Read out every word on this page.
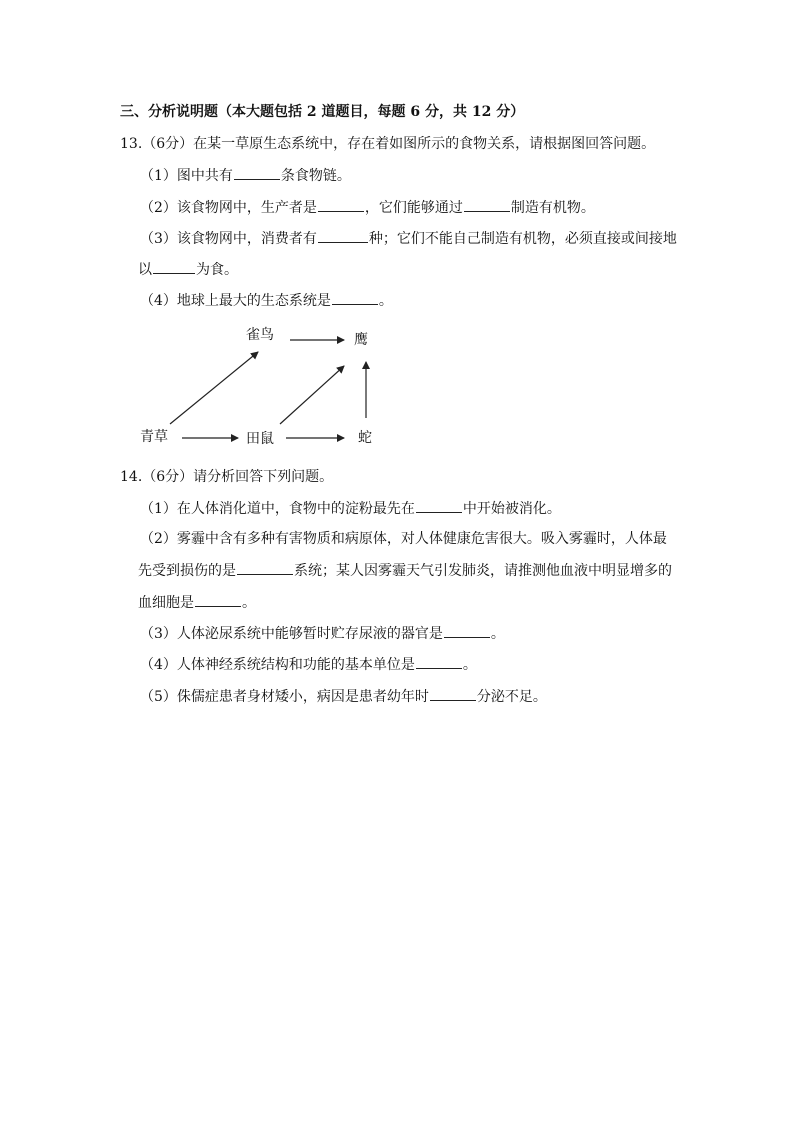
三、分析说明题（本大题包括 2 道题目，每题 6 分，共 12 分）
13.（6分）在某一草原生态系统中，存在着如图所示的食物关系，请根据图回答问题。
（1）图中共有	条食物链。
（2）该食物网中，生产者是	，它们能够通过	制造有机物。
（3）该食物网中，消费者有	种；它们不能自己制造有机物，必须直接或间接地
以	为食。
（4）地球上最大的生态系统是	。
雀鸟	鹰
青草	田鼠	蛇
14.（6分）请分析回答下列问题。
（1）在人体消化道中，食物中的淀粉最先在	中开始被消化。
（2）雾霾中含有多种有害物质和病原体，对人体健康危害很大。吸入雾霾时，人体最
先受到损伤的是	系统；某人因雾霾天气引发肺炎，请推测他血液中明显增多的
血细胞是	。
（3）人体泌尿系统中能够暂时贮存尿液的器官是	。
（4）人体神经系统结构和功能的基本单位是	。
（5）侏儒症患者身材矮小，病因是患者幼年时	分泌不足。
